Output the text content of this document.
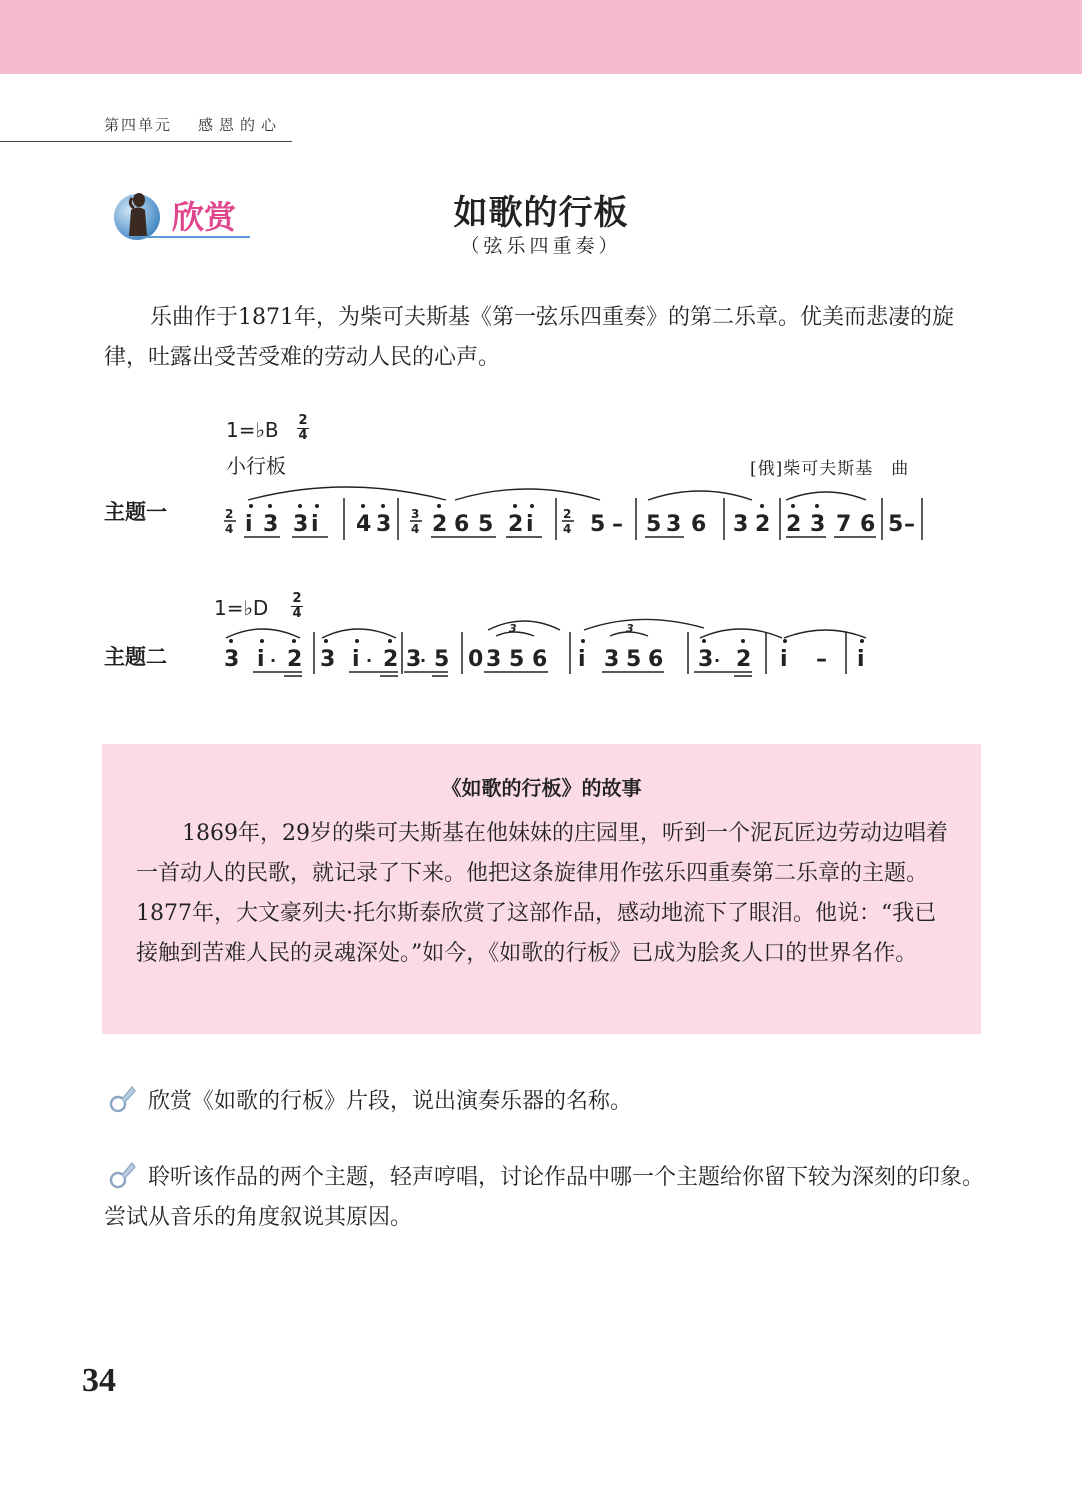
第四单元 感恩的心
欣赏	如歌的行板
（弦乐四重奏）
乐曲作于1871年，为柴可夫斯基《第一弦乐四重奏》的第二乐章。优美而悲凄的旋律，吐露出受苦受难的劳动人民的心声。
1=♭B 2
4
小行板	[俄]柴可夫斯基　曲
主题一
1=♭D 2
4
主题二
2
4 i 3 3 i 4 3 3
4 2 6 5 2 i 2
4 5 – 5 3 6 3 2 2 3 7 6 5 –
3 i · 2 3 i · 2 3
· 5 0 3 5 6 i 3 5 6 3 · 2 i – i
3	3
《如歌的行板》的故事
1869年，29岁的柴可夫斯基在他妹妹的庄园里，听到一个泥瓦匠边劳动边唱着一首动人的民歌，就记录了下来。他把这条旋律用作弦乐四重奏第二乐章的主题。1877年，大文豪列夫·托尔斯泰欣赏了这部作品，感动地流下了眼泪。他说：“我已接触到苦难人民的灵魂深处。”如今，《如歌的行板》已成为脍炙人口的世界名作。
欣赏《如歌的行板》片段，说出演奏乐器的名称。
聆听该作品的两个主题，轻声哼唱，讨论作品中哪一个主题给你留下较为深刻的印象。尝试从音乐的角度叙说其原因。
34
